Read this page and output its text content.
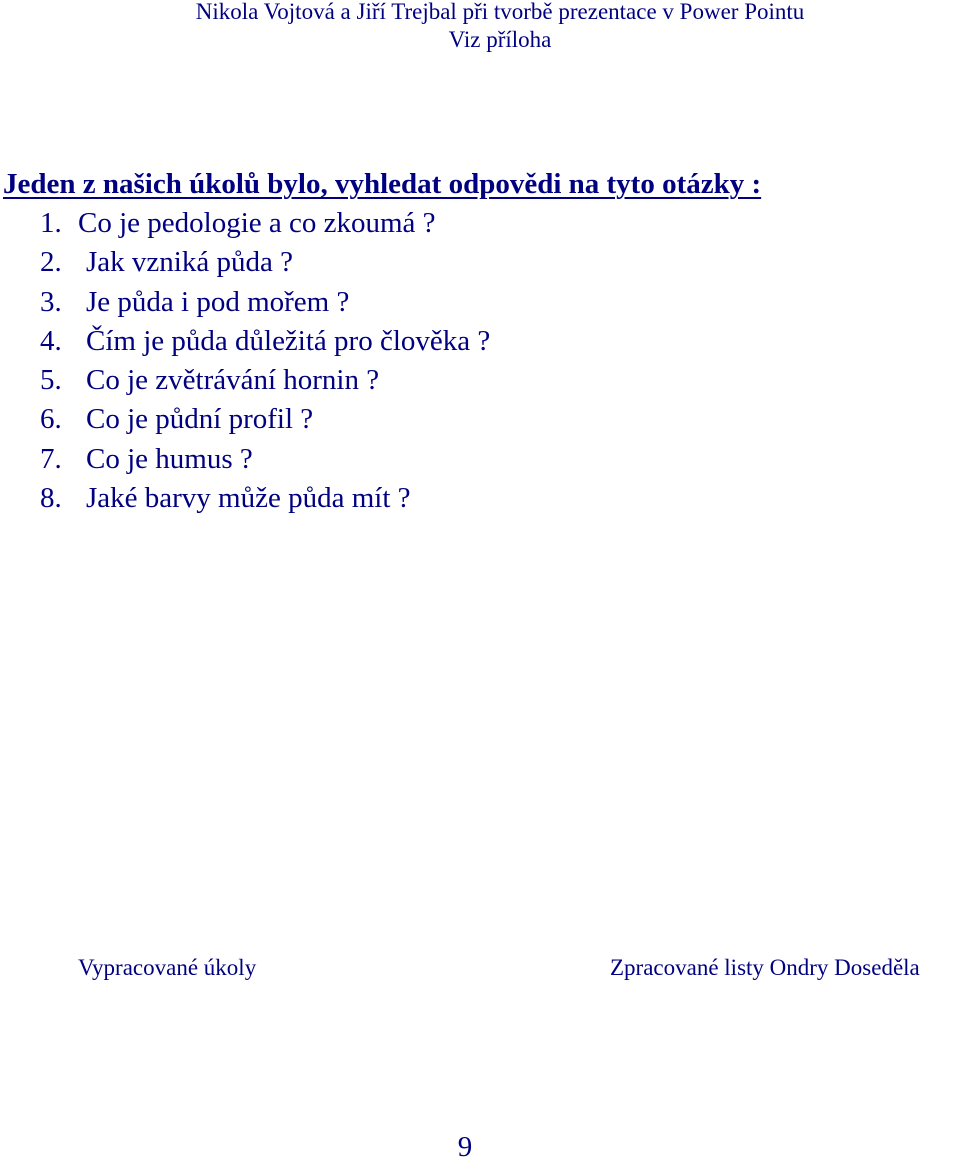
Nikola Vojtová a Jiří Trejbal při tvorbě prezentace v Power Pointu
Viz příloha
Jeden z našich úkolů bylo, vyhledat odpovědi na tyto otázky :
1. Co je pedologie a co zkoumá ?
2. Jak vzniká půda ?
3. Je půda i pod mořem ?
4. Čím je půda důležitá pro člověka ?
5. Co je zvětrávání hornin ?
6. Co je půdní profil ?
7. Co je humus ?
8. Jaké barvy může půda mít ?
Vypracované úkoly	Zpracované listy Ondry Doseděla
9
